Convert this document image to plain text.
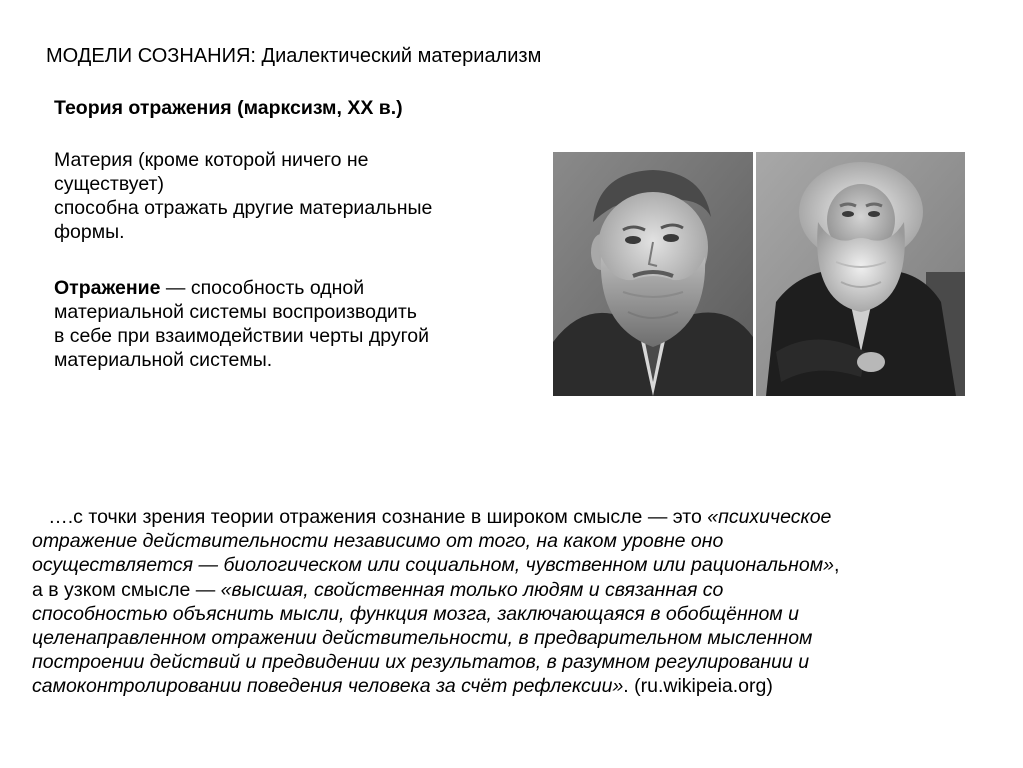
МОДЕЛИ СОЗНАНИЯ: Диалектический материализм
Теория отражения (марксизм, XX в.)

Материя (кроме которой ничего не
существует)
способна отражать другие материальные
формы.

Отражение — способность одной
материальной системы воспроизводить
в себе при взаимодействии черты другой
материальной системы.

….с точки зрения теории отражения сознание в широком смысле — это «психическое
отражение действительности независимо от того, на каком уровне оно
осуществляется — биологическом или социальном, чувственном или рациональном»,
а в узком смысле — «высшая, свойственная только людям и связанная со
способностью объяснить мысли, функция мозга, заключающаяся в обобщённом и
целенаправленном отражении действительности, в предварительном мысленном
построении действий и предвидении их результатов, в разумном регулировании и
самоконтролировании поведения человека за счёт рефлексии». (ru.wikipeia.org)
